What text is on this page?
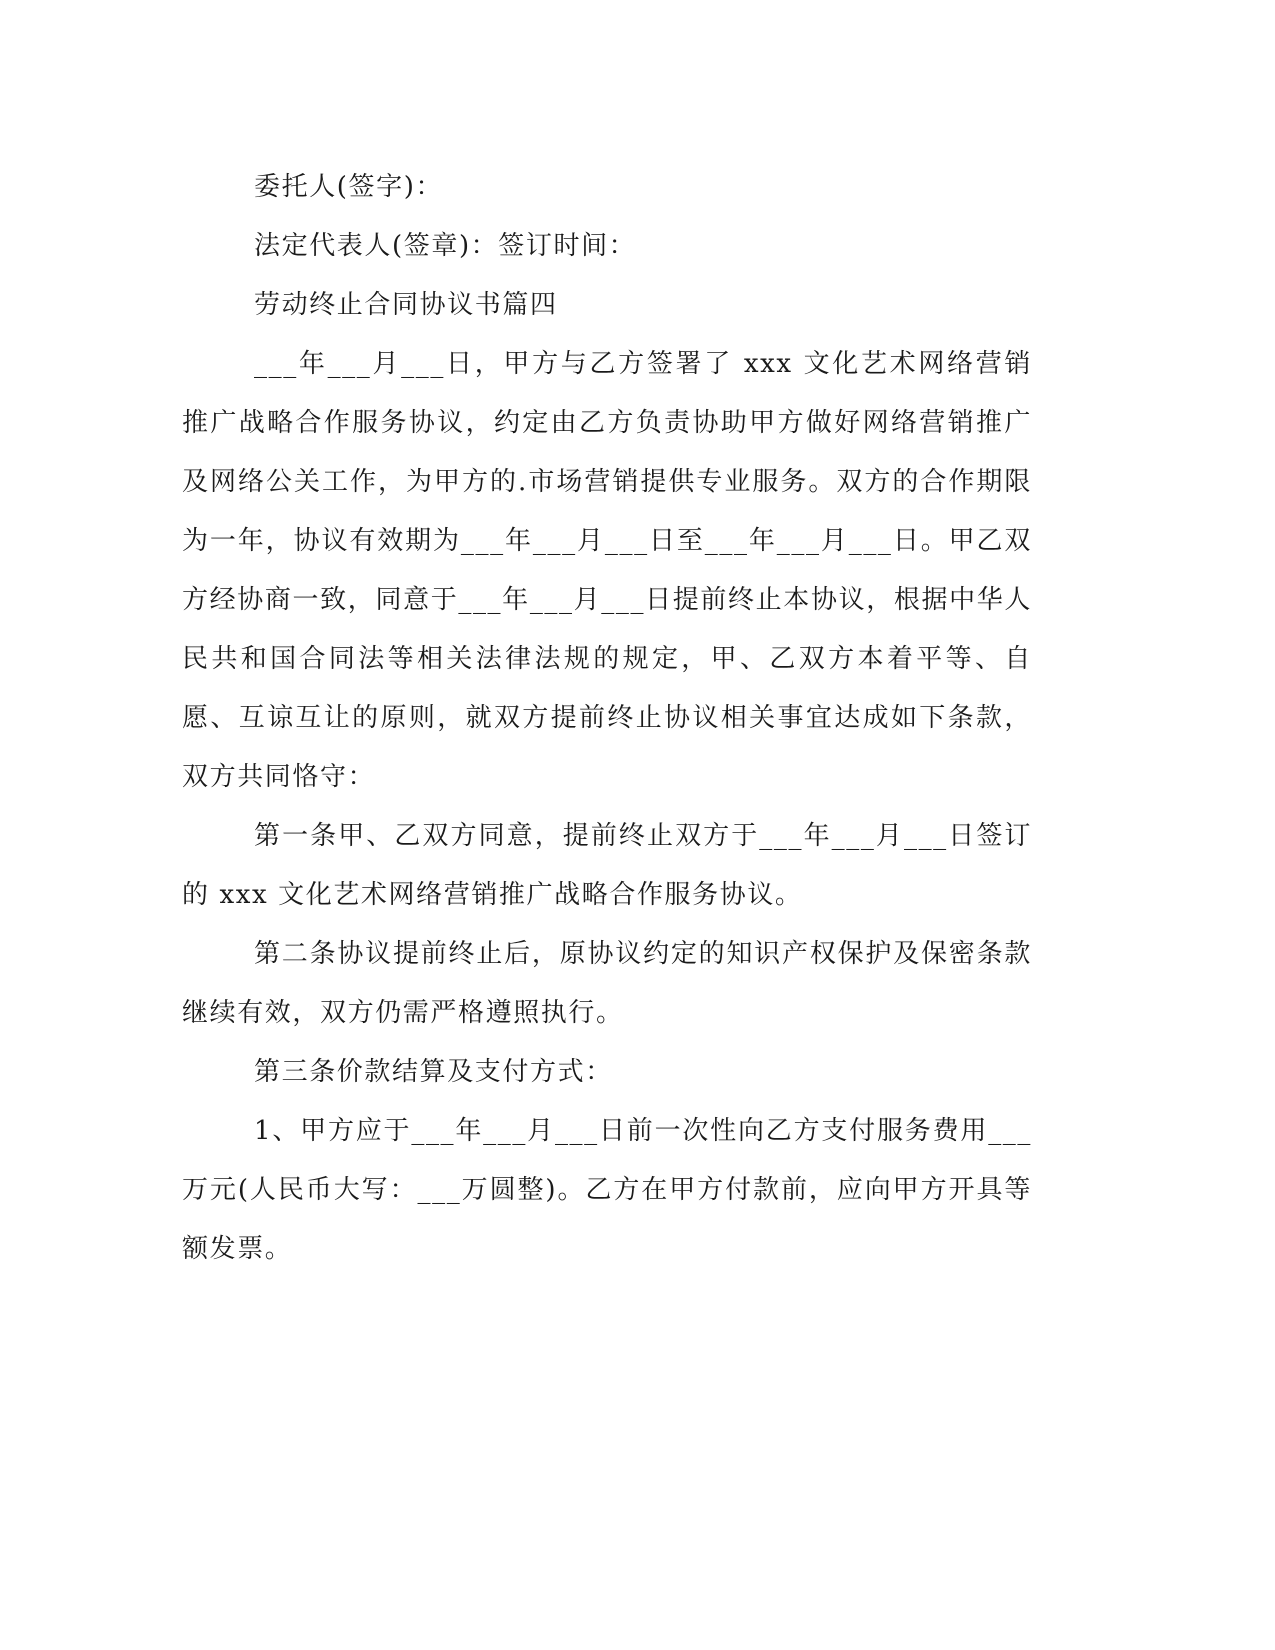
委托人(签字)：

法定代表人(签章)：签订时间：

劳动终止合同协议书篇四

___年___月___日，甲方与乙方签署了 xxx 文化艺术网络营销推广战略合作服务协议，约定由乙方负责协助甲方做好网络营销推广及网络公关工作，为甲方的.市场营销提供专业服务。双方的合作期限为一年，协议有效期为___年___月___日至___年___月___日。甲乙双方经协商一致，同意于___年___月___日提前终止本协议，根据中华人民共和国合同法等相关法律法规的规定，甲、乙双方本着平等、自愿、互谅互让的原则，就双方提前终止协议相关事宜达成如下条款，双方共同恪守：

第一条甲、乙双方同意，提前终止双方于___年___月___日签订的 xxx 文化艺术网络营销推广战略合作服务协议。

第二条协议提前终止后，原协议约定的知识产权保护及保密条款继续有效，双方仍需严格遵照执行。

第三条价款结算及支付方式：

1、甲方应于___年___月___日前一次性向乙方支付服务费用___万元(人民币大写：___万圆整)。乙方在甲方付款前，应向甲方开具等额发票。
